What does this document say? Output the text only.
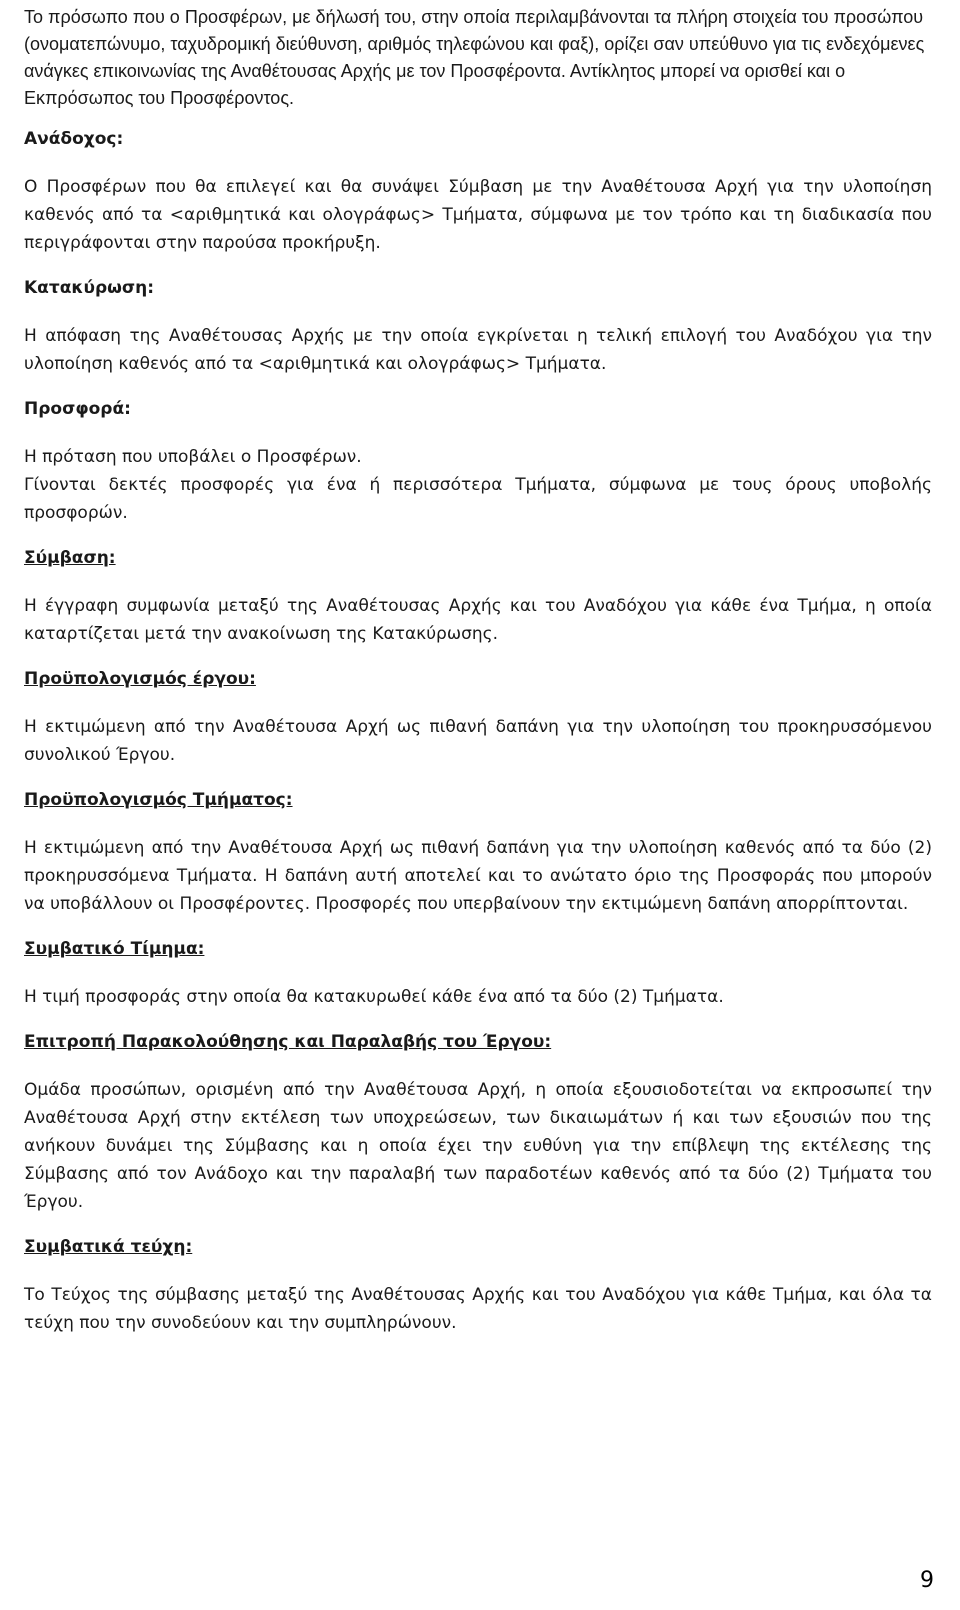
Το πρόσωπο που ο Προσφέρων, με δήλωσή του, στην οποία περιλαμβάνονται τα πλήρη στοιχεία του προσώπου (ονοματεπώνυμο, ταχυδρομική διεύθυνση, αριθμός τηλεφώνου και φαξ), ορίζει σαν υπεύθυνο για τις ενδεχόμενες ανάγκες επικοινωνίας της Αναθέτουσας Αρχής με τον Προσφέροντα. Αντίκλητος μπορεί να ορισθεί και ο Εκπρόσωπος του Προσφέροντος.

Ανάδοχος:

Ο Προσφέρων που θα επιλεγεί και θα συνάψει Σύμβαση με την Αναθέτουσα Αρχή για την υλοποίηση καθενός από τα <αριθμητικά και ολογράφως> Τμήματα, σύμφωνα με τον τρόπο και τη διαδικασία που περιγράφονται στην παρούσα προκήρυξη.

Κατακύρωση:

Η απόφαση της Αναθέτουσας Αρχής με την οποία εγκρίνεται η τελική επιλογή του Αναδόχου για την υλοποίηση καθενός από τα <αριθμητικά και ολογράφως> Τμήματα.

Προσφορά:

Η πρόταση που υποβάλει ο Προσφέρων.

Γίνονται δεκτές προσφορές για ένα ή περισσότερα Τμήματα, σύμφωνα με τους όρους υποβολής προσφορών.

Σύμβαση:

Η έγγραφη συμφωνία μεταξύ της Αναθέτουσας Αρχής και του Αναδόχου για κάθε ένα Τμήμα, η οποία καταρτίζεται μετά την ανακοίνωση της Κατακύρωσης.

Προϋπολογισμός έργου:

Η εκτιμώμενη από την Αναθέτουσα Αρχή ως πιθανή δαπάνη για την υλοποίηση του προκηρυσσόμενου συνολικού Έργου.

Προϋπολογισμός Τμήματος:

Η εκτιμώμενη από την Αναθέτουσα Αρχή ως πιθανή δαπάνη για την υλοποίηση καθενός από τα δύο (2) προκηρυσσόμενα Τμήματα. Η δαπάνη αυτή αποτελεί και το ανώτατο όριο της Προσφοράς που μπορούν να υποβάλλουν οι Προσφέροντες. Προσφορές που υπερβαίνουν την εκτιμώμενη δαπάνη απορρίπτονται.

Συμβατικό Τίμημα:

Η τιμή προσφοράς στην οποία θα κατακυρωθεί κάθε ένα από τα δύο (2) Τμήματα.

Επιτροπή Παρακολούθησης και Παραλαβής του Έργου:

Ομάδα προσώπων, ορισμένη από την Αναθέτουσα Αρχή, η οποία εξουσιοδοτείται να εκπροσωπεί την Αναθέτουσα Αρχή στην εκτέλεση των υποχρεώσεων, των δικαιωμάτων ή και των εξουσιών που της ανήκουν δυνάμει της Σύμβασης και η οποία έχει την ευθύνη για την επίβλεψη της εκτέλεσης της Σύμβασης από τον Ανάδοχο και την παραλαβή των παραδοτέων καθενός από τα δύο (2) Τμήματα του Έργου.

Συμβατικά τεύχη:

Το Τεύχος της σύμβασης μεταξύ της Αναθέτουσας Αρχής και του Αναδόχου για κάθε Τμήμα, και όλα τα τεύχη που την συνοδεύουν και την συμπληρώνουν.

9
